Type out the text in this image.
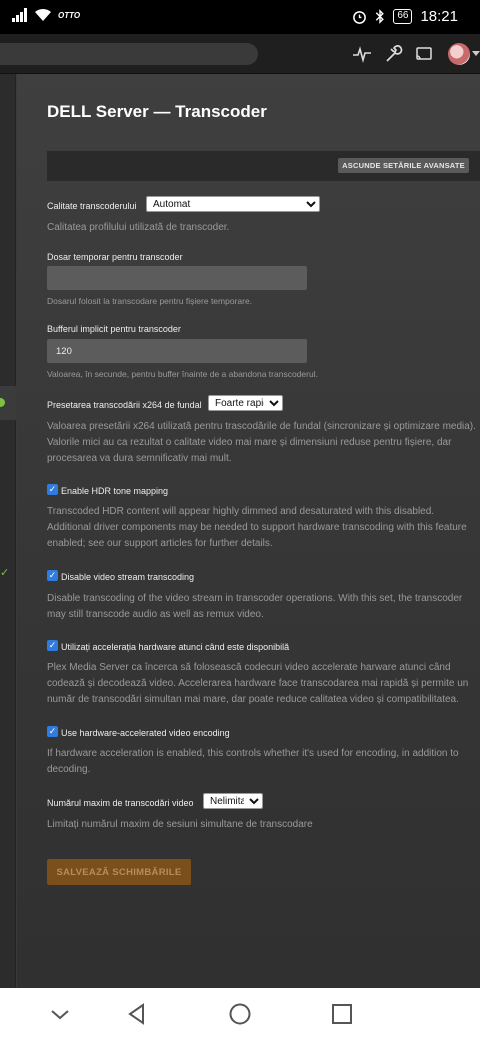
OTTO	66 18:21
✓
DELL Server — Transcoder
ASCUNDE SETĂRILE AVANSATE
Calitate transcoderului
Automat
Calitatea profilului utilizată de transcoder.
Dosar temporar pentru transcoder
Dosarul folosit la transcodare pentru fișiere temporare.
Bufferul implicit pentru transcoder
120
Valoarea, în secunde, pentru buffer înainte de a abandona transcoderul.
Presetarea transcodării x264 de fundal
Foarte rapid
Valoarea presetării x264 utilizată pentru trascodările de fundal (sincronizare și optimizare media). Valorile mici au ca rezultat o calitate video mai mare și dimensiuni reduse pentru fișiere, dar procesarea va dura semnificativ mai mult.
✓ Enable HDR tone mapping
Transcoded HDR content will appear highly dimmed and desaturated with this disabled. Additional driver components may be needed to support hardware transcoding with this feature enabled; see our support articles for further details.
✓ Disable video stream transcoding
Disable transcoding of the video stream in transcoder operations. With this set, the transcoder may still transcode audio as well as remux video.
✓ Utilizați accelerația hardware atunci când este disponibilă
Plex Media Server ca încerca să folosească codecuri video accelerate harware atunci când codează și decodează video. Accelerarea hardware face transcodarea mai rapidă și permite un număr de transcodări simultan mai mare, dar poate reduce calitatea video și compatibilitatea.
✓ Use hardware-accelerated video encoding
If hardware acceleration is enabled, this controls whether it's used for encoding, in addition to decoding.
Numărul maxim de transcodări video
Nelimitat
Limitați numărul maxim de sesiuni simultane de transcodare
SALVEAZĂ SCHIMBĂRILE
